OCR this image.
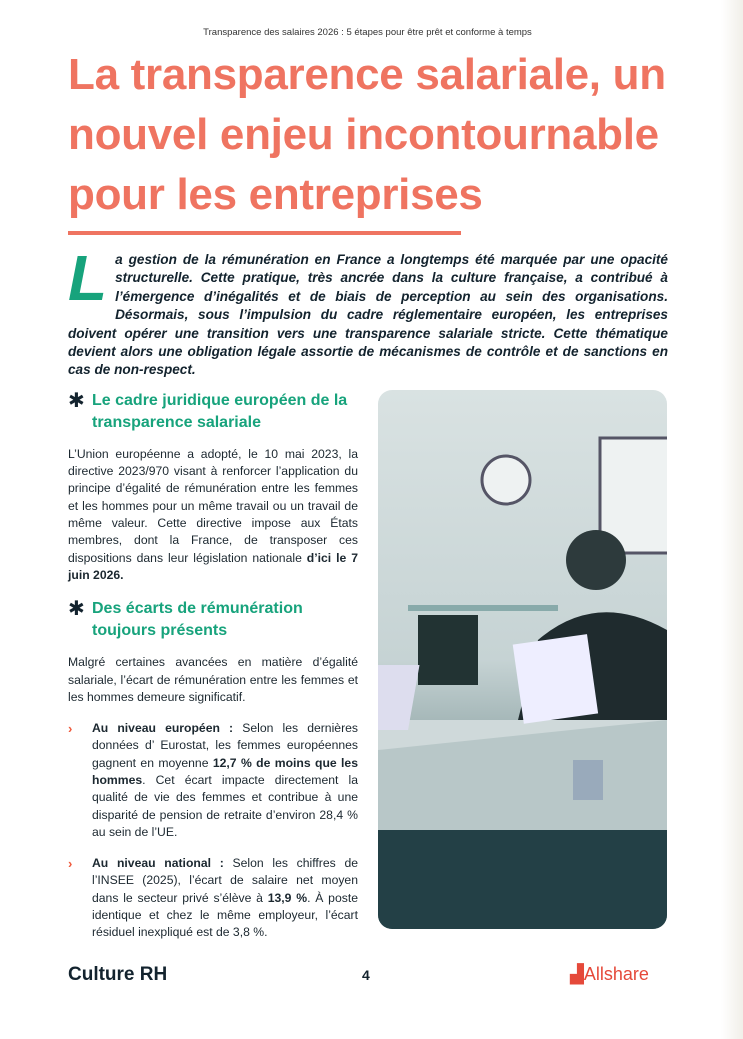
Transparence des salaires 2026 : 5 étapes pour être prêt et conforme à temps
La transparence salariale, un nouvel enjeu incontournable pour les entreprises
La gestion de la rémunération en France a longtemps été marquée par une opacité structurelle. Cette pratique, très ancrée dans la culture française, a contribué à l’émergence d’inégalités et de biais de perception au sein des organisations. Désormais, sous l’impulsion du cadre réglementaire européen, les entreprises doivent opérer une transition vers une transparence salariale stricte. Cette thématique devient alors une obligation légale assortie de mécanismes de contrôle et de sanctions en cas de non-respect.
✱ Le cadre juridique européen de la transparence salariale

L’Union européenne a adopté, le 10 mai 2023, la directive 2023/970 visant à renforcer l’application du principe d’égalité de rémunération entre les femmes et les hommes pour un même travail ou un travail de même valeur. Cette directive impose aux États membres, dont la France, de transposer ces dispositions dans leur législation nationale d’ici le 7 juin 2026.

✱ Des écarts de rémunération toujours présents

Malgré certaines avancées en matière d’égalité salariale, l’écart de rémunération entre les femmes et les hommes demeure significatif.

›	Au niveau européen : Selon les dernières données d’ Eurostat, les femmes européennes gagnent en moyenne 12,7 % de moins que les hommes. Cet écart impacte directement la qualité de vie des femmes et contribue à une disparité de pension de retraite d’environ 28,4 % au sein de l’UE.
›	Au niveau national : Selon les chiffres de l’INSEE (2025), l’écart de salaire net moyen dans le secteur privé s’élève à 13,9 %. À poste identique et chez le même employeur, l’écart résiduel inexpliqué est de 3,8 %.
Culture RH	4	▟Allshare
